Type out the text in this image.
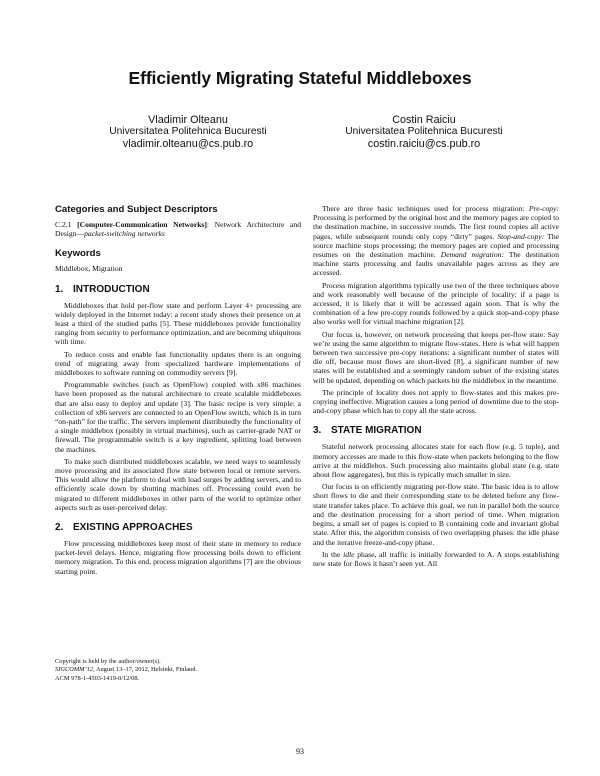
Efficiently Migrating Stateful Middleboxes
Vladimir Olteanu
Universitatea Politehnica Bucuresti
vladimir.olteanu@cs.pub.ro
Costin Raiciu
Universitatea Politehnica Bucuresti
costin.raiciu@cs.pub.ro
Categories and Subject Descriptors

C.2.1 [Computer-Communication Networks]: Network Architecture and Design—packet-switching networks

Keywords

Middlebox, Migration

1. INTRODUCTION

Middleboxes that hold per-flow state and perform Layer 4+ processing are widely deployed in the Internet today: a recent study shows their presence on at least a third of the studied paths [5]. These middleboxes provide functionality ranging from security to performance optimization, and are becoming ubiquitous with time.

To reduce costs and enable fast functionality updates there is an ongoing trend of migrating away from specialized hardware implementations of middleboxes to software running on commodity servers [9].

Programmable switches (such as OpenFlow) coupled with x86 machines have been proposed as the natural architecture to create scalable middleboxes that are also easy to deploy and update [3]. The basic recipe is very simple: a collection of x86 servers are connected to an OpenFlow switch, which is in turn “on-path” for the traffic. The servers implement distributedly the functionality of a single middlebox (possibly in virtual machines), such as carrier-grade NAT or firewall. The programmable switch is a key ingredient, splitting load between the machines.

To make such distributed middleboxes scalable, we need ways to seamlessly move processing and its associated flow state between local or remote servers. This would allow the platform to deal with load surges by adding servers, and to efficiently scale down by shutting machines off. Processing could even be migrated to different middleboxes in other parts of the world to optimize other aspects such as user-perceived delay.

2. EXISTING APPROACHES

Flow processing middleboxes keep most of their state in memory to reduce packet-level delays. Hence, migrating flow processing boils down to efficient memory migration. To this end, process migration algorithms [7] are the obvious starting point.

Copyright is held by the author/owner(s).
SIGCOMM’12, August 13–17, 2012, Helsinki, Finland.
ACM 978-1-4503-1419-0/12/08.

There are three basic techniques used for process migration: Pre-copy: Processing is performed by the original host and the memory pages are copied to the destination machine, in successive rounds. The first round copies all active pages, while subsequent rounds only copy “dirty” pages. Stop-and-copy: The source machine stops processing; the memory pages are copied and processing resumes on the destination machine. Demand migration: The destination machine starts processing and faults unavailable pages across as they are accessed.

Process migration algorithms typically use two of the three techniques above and work reasonably well because of the principle of locality: if a page is accessed, it is likely that it will be accessed again soon. That is why the combination of a few pre-copy rounds followed by a quick stop-and-copy phase also works well for virtual machine migration [2].

Our focus is, however, on network processing that keeps per-flow state. Say we’re using the same algorithm to migrate flow-states. Here is what will happen between two successive pre-copy iterations: a significant number of states will die off, because most flows are short-lived [8], a significant number of new states will be established and a seemingly random subset of the existing states will be updated, depending on which packets hit the middlebox in the meantime.

The principle of locality does not apply to flow-states and this makes pre-copying ineffective. Migration causes a long period of downtime due to the stop-and-copy phase which has to copy all the state across.

3. STATE MIGRATION

Stateful network processing allocates state for each flow (e.g. 5 tuple), and memory accesses are made to this flow-state when packets belonging to the flow arrive at the middlebox. Such processing also maintains global state (e.g. state about flow aggregates), but this is typically much smaller in size.

Our focus is on efficiently migrating per-flow state. The basic idea is to allow short flows to die and their corresponding state to be deleted before any flow-state transfer takes place. To achieve this goal, we run in parallel both the source and the destination processing for a short period of time. When migration begins, a small set of pages is copied to B containing code and invariant global state. After this, the algorithm consists of two overlapping phases: the idle phase and the iterative freeze-and-copy phase.

In the idle phase, all traffic is initially forwarded to A. A stops establishing new state for flows it hasn’t seen yet. All

93
